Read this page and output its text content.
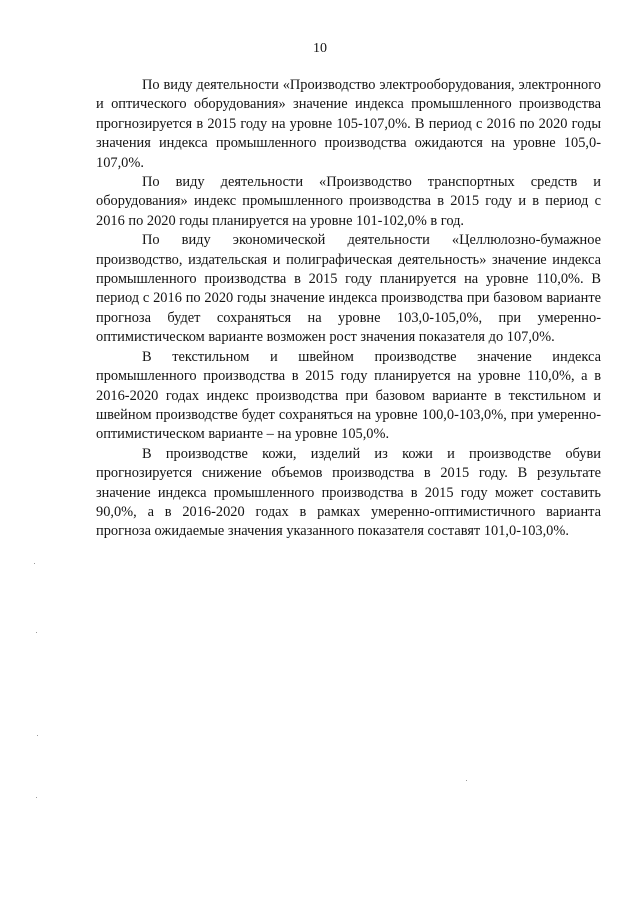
10

По виду деятельности «Производство электрооборудования, электронного и оптического оборудования» значение индекса промышленного производства прогнозируется в 2015 году на уровне 105-107,0%. В период с 2016 по 2020 годы значения индекса промышленного производства ожидаются на уровне 105,0-107,0%.

По виду деятельности «Производство транспортных средств и оборудования» индекс промышленного производства в 2015 году и в период с 2016 по 2020 годы планируется на уровне 101-102,0% в год.

По виду экономической деятельности «Целлюлозно-бумажное производство, издательская и полиграфическая деятельность» значение индекса промышленного производства в 2015 году планируется на уровне 110,0%. В период с 2016 по 2020 годы значение индекса производства при базовом варианте прогноза будет сохраняться на уровне 103,0-105,0%, при умеренно-оптимистическом варианте возможен рост значения показателя до 107,0%.

В текстильном и швейном производстве значение индекса промышленного производства в 2015 году планируется на уровне 110,0%, а в 2016-2020 годах индекс производства при базовом варианте в текстильном и швейном производстве будет сохраняться на уровне 100,0-103,0%, при умеренно-оптимистическом варианте – на уровне 105,0%.

В производстве кожи, изделий из кожи и производстве обуви прогнозируется снижение объемов производства в 2015 году. В результате значение индекса промышленного производства в 2015 году может составить 90,0%, а в 2016-2020 годах в рамках умеренно-оптимистичного варианта прогноза ожидаемые значения указанного показателя составят 101,0-103,0%.
